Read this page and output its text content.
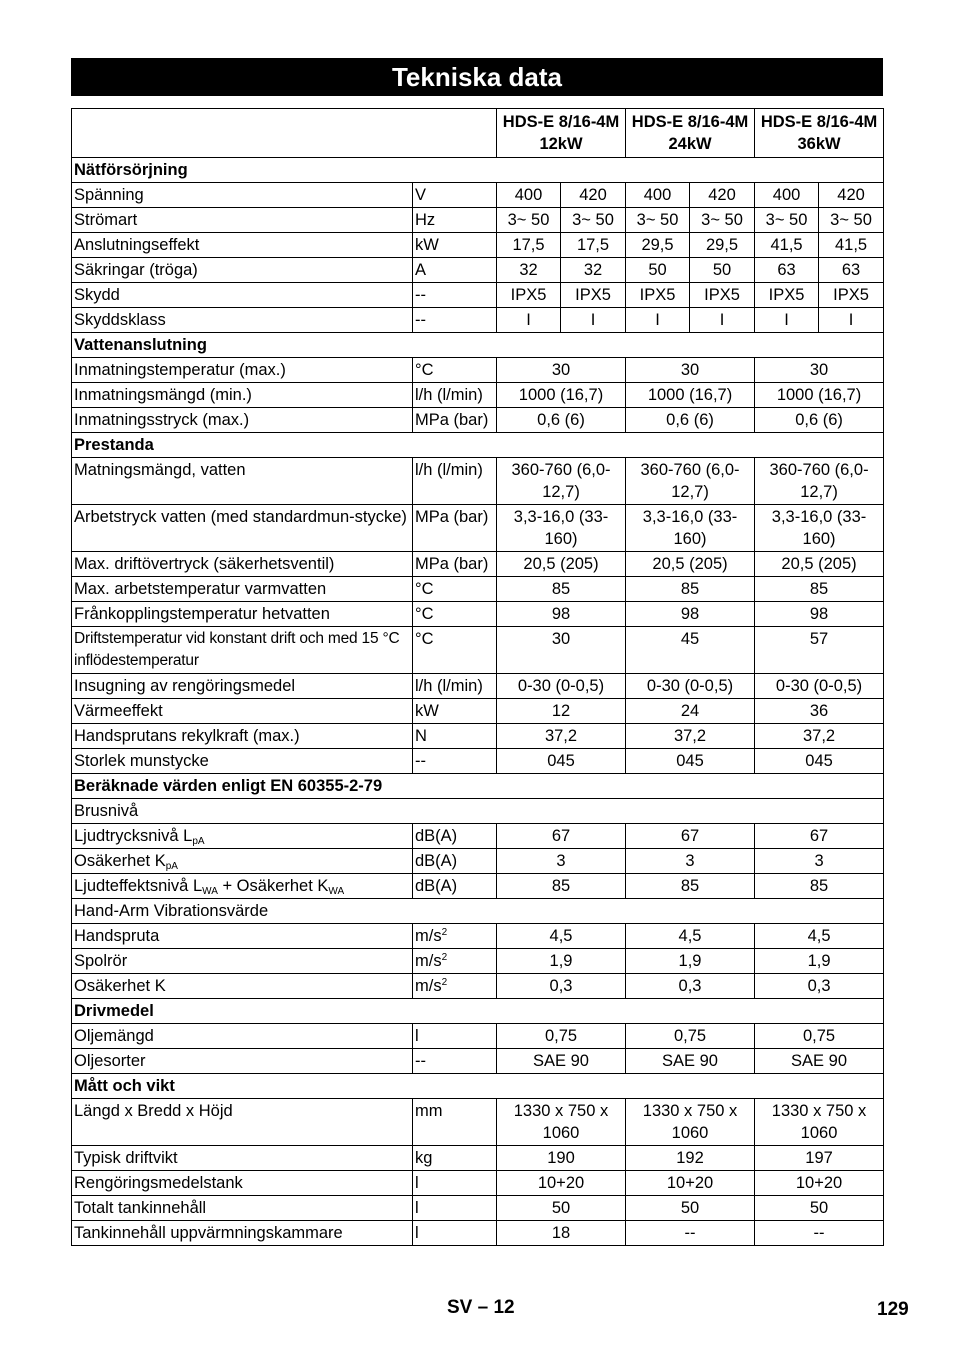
Tekniska data
		HDS-E 8/16-4M 12kW		HDS-E 8/16-4M 24kW		HDS-E 8/16-4M 36kW	
Nätförsörjning							
Spänning	V	400	420	400	420	400	420
Strömart	Hz	3~ 50	3~ 50	3~ 50	3~ 50	3~ 50	3~ 50
Anslutningseffekt	kW	17,5	17,5	29,5	29,5	41,5	41,5
Säkringar (tröga)	A	32	32	50	50	63	63
Skydd	--	IPX5	IPX5	IPX5	IPX5	IPX5	IPX5
Skyddsklass	--	I	I	I	I	I	I
Vattenanslutning							
Inmatningstemperatur (max.)	°C	30		30		30	
Inmatningsmängd (min.)	l/h (l/min)	1000 (16,7)		1000 (16,7)		1000 (16,7)	
Inmatningsstryck (max.)	MPa (bar)	0,6 (6)		0,6 (6)		0,6 (6)	
Prestanda							
Matningsmängd, vatten	l/h (l/min)	360-760 (6,0-12,7)		360-760 (6,0-12,7)		360-760 (6,0-12,7)	
Arbetstryck vatten (med standardmun-stycke)	MPa (bar)	3,3-16,0 (33-160)		3,3-16,0 (33-160)		3,3-16,0 (33-160)	
Max. driftövertryck (säkerhetsventil)	MPa (bar)	20,5 (205)		20,5 (205)		20,5 (205)	
Max. arbetstemperatur varmvatten	°C	85		85		85	
Frånkopplingstemperatur hetvatten	°C	98		98		98	
Driftstemperatur vid konstant drift och med 15 °C inflödestemperatur	°C	30		45		57	
Insugning av rengöringsmedel	l/h (l/min)	0-30 (0-0,5)		0-30 (0-0,5)		0-30 (0-0,5)	
Värmeeffekt	kW	12		24		36	
Handsprutans rekylkraft (max.)	N	37,2		37,2		37,2	
Storlek munstycke	--	045		045		045	
Beräknade värden enligt EN 60355-2-79							
Brusnivå							
Ljudtrycksnivå $L_{pA}$	dB(A)	67		67		67	
Osäkerhet $K_{pA}$	dB(A)	3		3		3	
Ljudteffektsnivå $L_{WA}$ + Osäkerhet $K_{WA}$	dB(A)	85		85		85	
Hand-Arm Vibrationsvärde							
Handspruta	$m/s^2$	4,5		4,5		4,5	
Spolrör	$m/s^2$	1,9		1,9		1,9	
Osäkerhet K	$m/s^2$	0,3		0,3		0,3	
Drivmedel							
Oljemängd	l	0,75		0,75		0,75	
Oljesorter	--	SAE 90		SAE 90		SAE 90	
Mått och vikt							
Längd x Bredd x Höjd	mm	1330 x 750 x 1060		1330 x 750 x 1060		1330 x 750 x 1060	
Typisk driftvikt	kg	190		192		197	
Rengöringsmedelstank	l	10+20		10+20		10+20	
Totalt tankinnehåll	l	50		50		50	
Tankinnehåll uppvärmningskammare	l	18		--		--	
SV – 12	129
